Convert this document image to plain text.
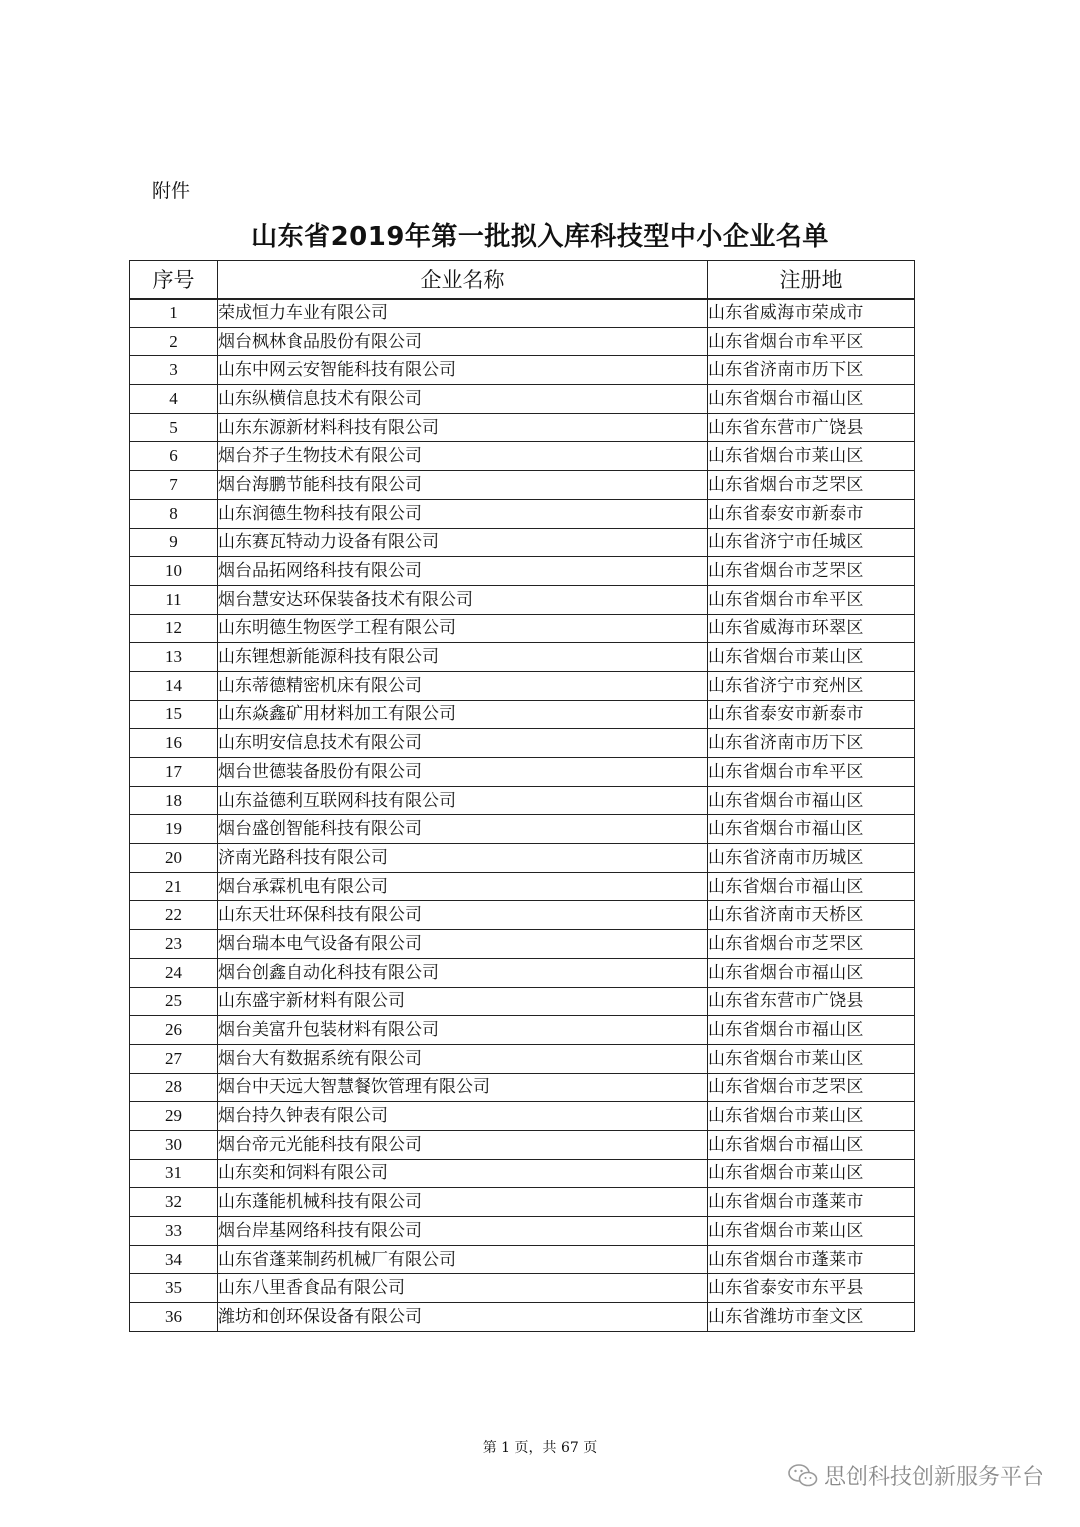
附件
山东省2019年第一批拟入库科技型中小企业名单
序号	企业名称	注册地
1	荣成恒力车业有限公司	山东省威海市荣成市
2	烟台枫林食品股份有限公司	山东省烟台市牟平区
3	山东中网云安智能科技有限公司	山东省济南市历下区
4	山东纵横信息技术有限公司	山东省烟台市福山区
5	山东东源新材料科技有限公司	山东省东营市广饶县
6	烟台芥子生物技术有限公司	山东省烟台市莱山区
7	烟台海鹏节能科技有限公司	山东省烟台市芝罘区
8	山东润德生物科技有限公司	山东省泰安市新泰市
9	山东赛瓦特动力设备有限公司	山东省济宁市任城区
10	烟台品拓网络科技有限公司	山东省烟台市芝罘区
11	烟台慧安达环保装备技术有限公司	山东省烟台市牟平区
12	山东明德生物医学工程有限公司	山东省威海市环翠区
13	山东锂想新能源科技有限公司	山东省烟台市莱山区
14	山东蒂德精密机床有限公司	山东省济宁市兖州区
15	山东焱鑫矿用材料加工有限公司	山东省泰安市新泰市
16	山东明安信息技术有限公司	山东省济南市历下区
17	烟台世德装备股份有限公司	山东省烟台市牟平区
18	山东益德利互联网科技有限公司	山东省烟台市福山区
19	烟台盛创智能科技有限公司	山东省烟台市福山区
20	济南光路科技有限公司	山东省济南市历城区
21	烟台承霖机电有限公司	山东省烟台市福山区
22	山东天壮环保科技有限公司	山东省济南市天桥区
23	烟台瑞本电气设备有限公司	山东省烟台市芝罘区
24	烟台创鑫自动化科技有限公司	山东省烟台市福山区
25	山东盛宇新材料有限公司	山东省东营市广饶县
26	烟台美富升包装材料有限公司	山东省烟台市福山区
27	烟台大有数据系统有限公司	山东省烟台市莱山区
28	烟台中天远大智慧餐饮管理有限公司	山东省烟台市芝罘区
29	烟台持久钟表有限公司	山东省烟台市莱山区
30	烟台帝元光能科技有限公司	山东省烟台市福山区
31	山东奕和饲料有限公司	山东省烟台市莱山区
32	山东蓬能机械科技有限公司	山东省烟台市蓬莱市
33	烟台岸基网络科技有限公司	山东省烟台市莱山区
34	山东省蓬莱制药机械厂有限公司	山东省烟台市蓬莱市
35	山东八里香食品有限公司	山东省泰安市东平县
36	潍坊和创环保设备有限公司	山东省潍坊市奎文区
第 1 页，共 67 页
思创科技创新服务平台
